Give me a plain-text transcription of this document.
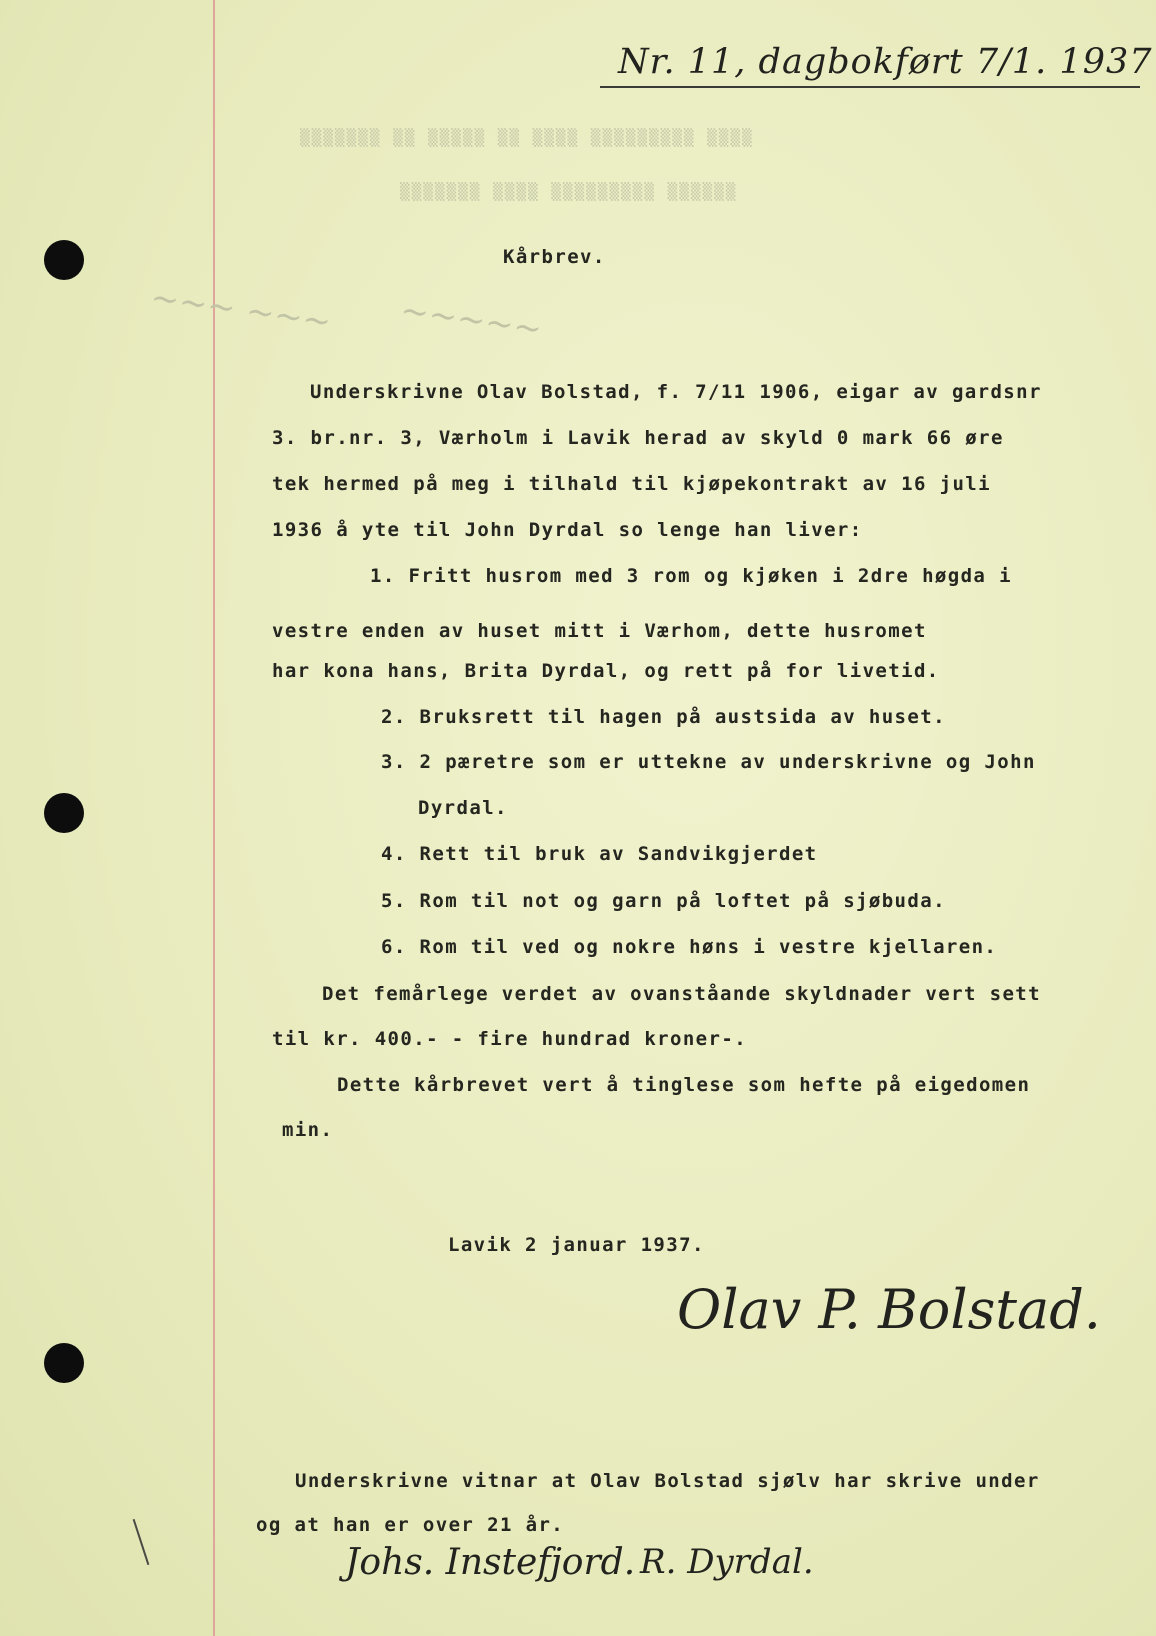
▒▒▒▒▒▒▒ ▒▒ ▒▒▒▒▒ ▒▒ ▒▒▒▒ ▒▒▒▒▒▒▒▒▒ ▒▒▒▒
▒▒▒▒▒▒▒ ▒▒▒▒ ▒▒▒▒▒▒▒▒▒ ▒▒▒▒▒▒
~~~ ~~~ ~~~~~
Nr. 11, dagbokført 7/1. 1937
Kårbrev.
Underskrivne Olav Bolstad, f. 7/11 1906, eigar av gardsnr
3. br.nr. 3, Værholm i Lavik herad av skyld 0 mark 66 øre
tek hermed på meg i tilhald til kjøpekontrakt av 16 juli
1936 å yte til John Dyrdal so lenge han liver:
1. Fritt husrom med 3 rom og kjøken i 2dre høgda i
vestre enden av huset mitt i Værhom, dette husromet
har kona hans, Brita Dyrdal, og rett på for livetid.
2. Bruksrett til hagen på austsida av huset.
3. 2 pæretre som er uttekne av underskrivne og John
Dyrdal.
4. Rett til bruk av Sandvikgjerdet
5. Rom til not og garn på loftet på sjøbuda.
6. Rom til ved og nokre høns i vestre kjellaren.
Det femårlege verdet av ovanståande skyldnader vert sett
til kr. 400.- - fire hundrad kroner-.
Dette kårbrevet vert å tinglese som hefte på eigedomen
min.
Lavik 2 januar 1937.
Olav P. Bolstad.
Underskrivne vitnar at Olav Bolstad sjølv har skrive under
og at han er over 21 år.
Johs. Instefjord. R. Dyrdal.
